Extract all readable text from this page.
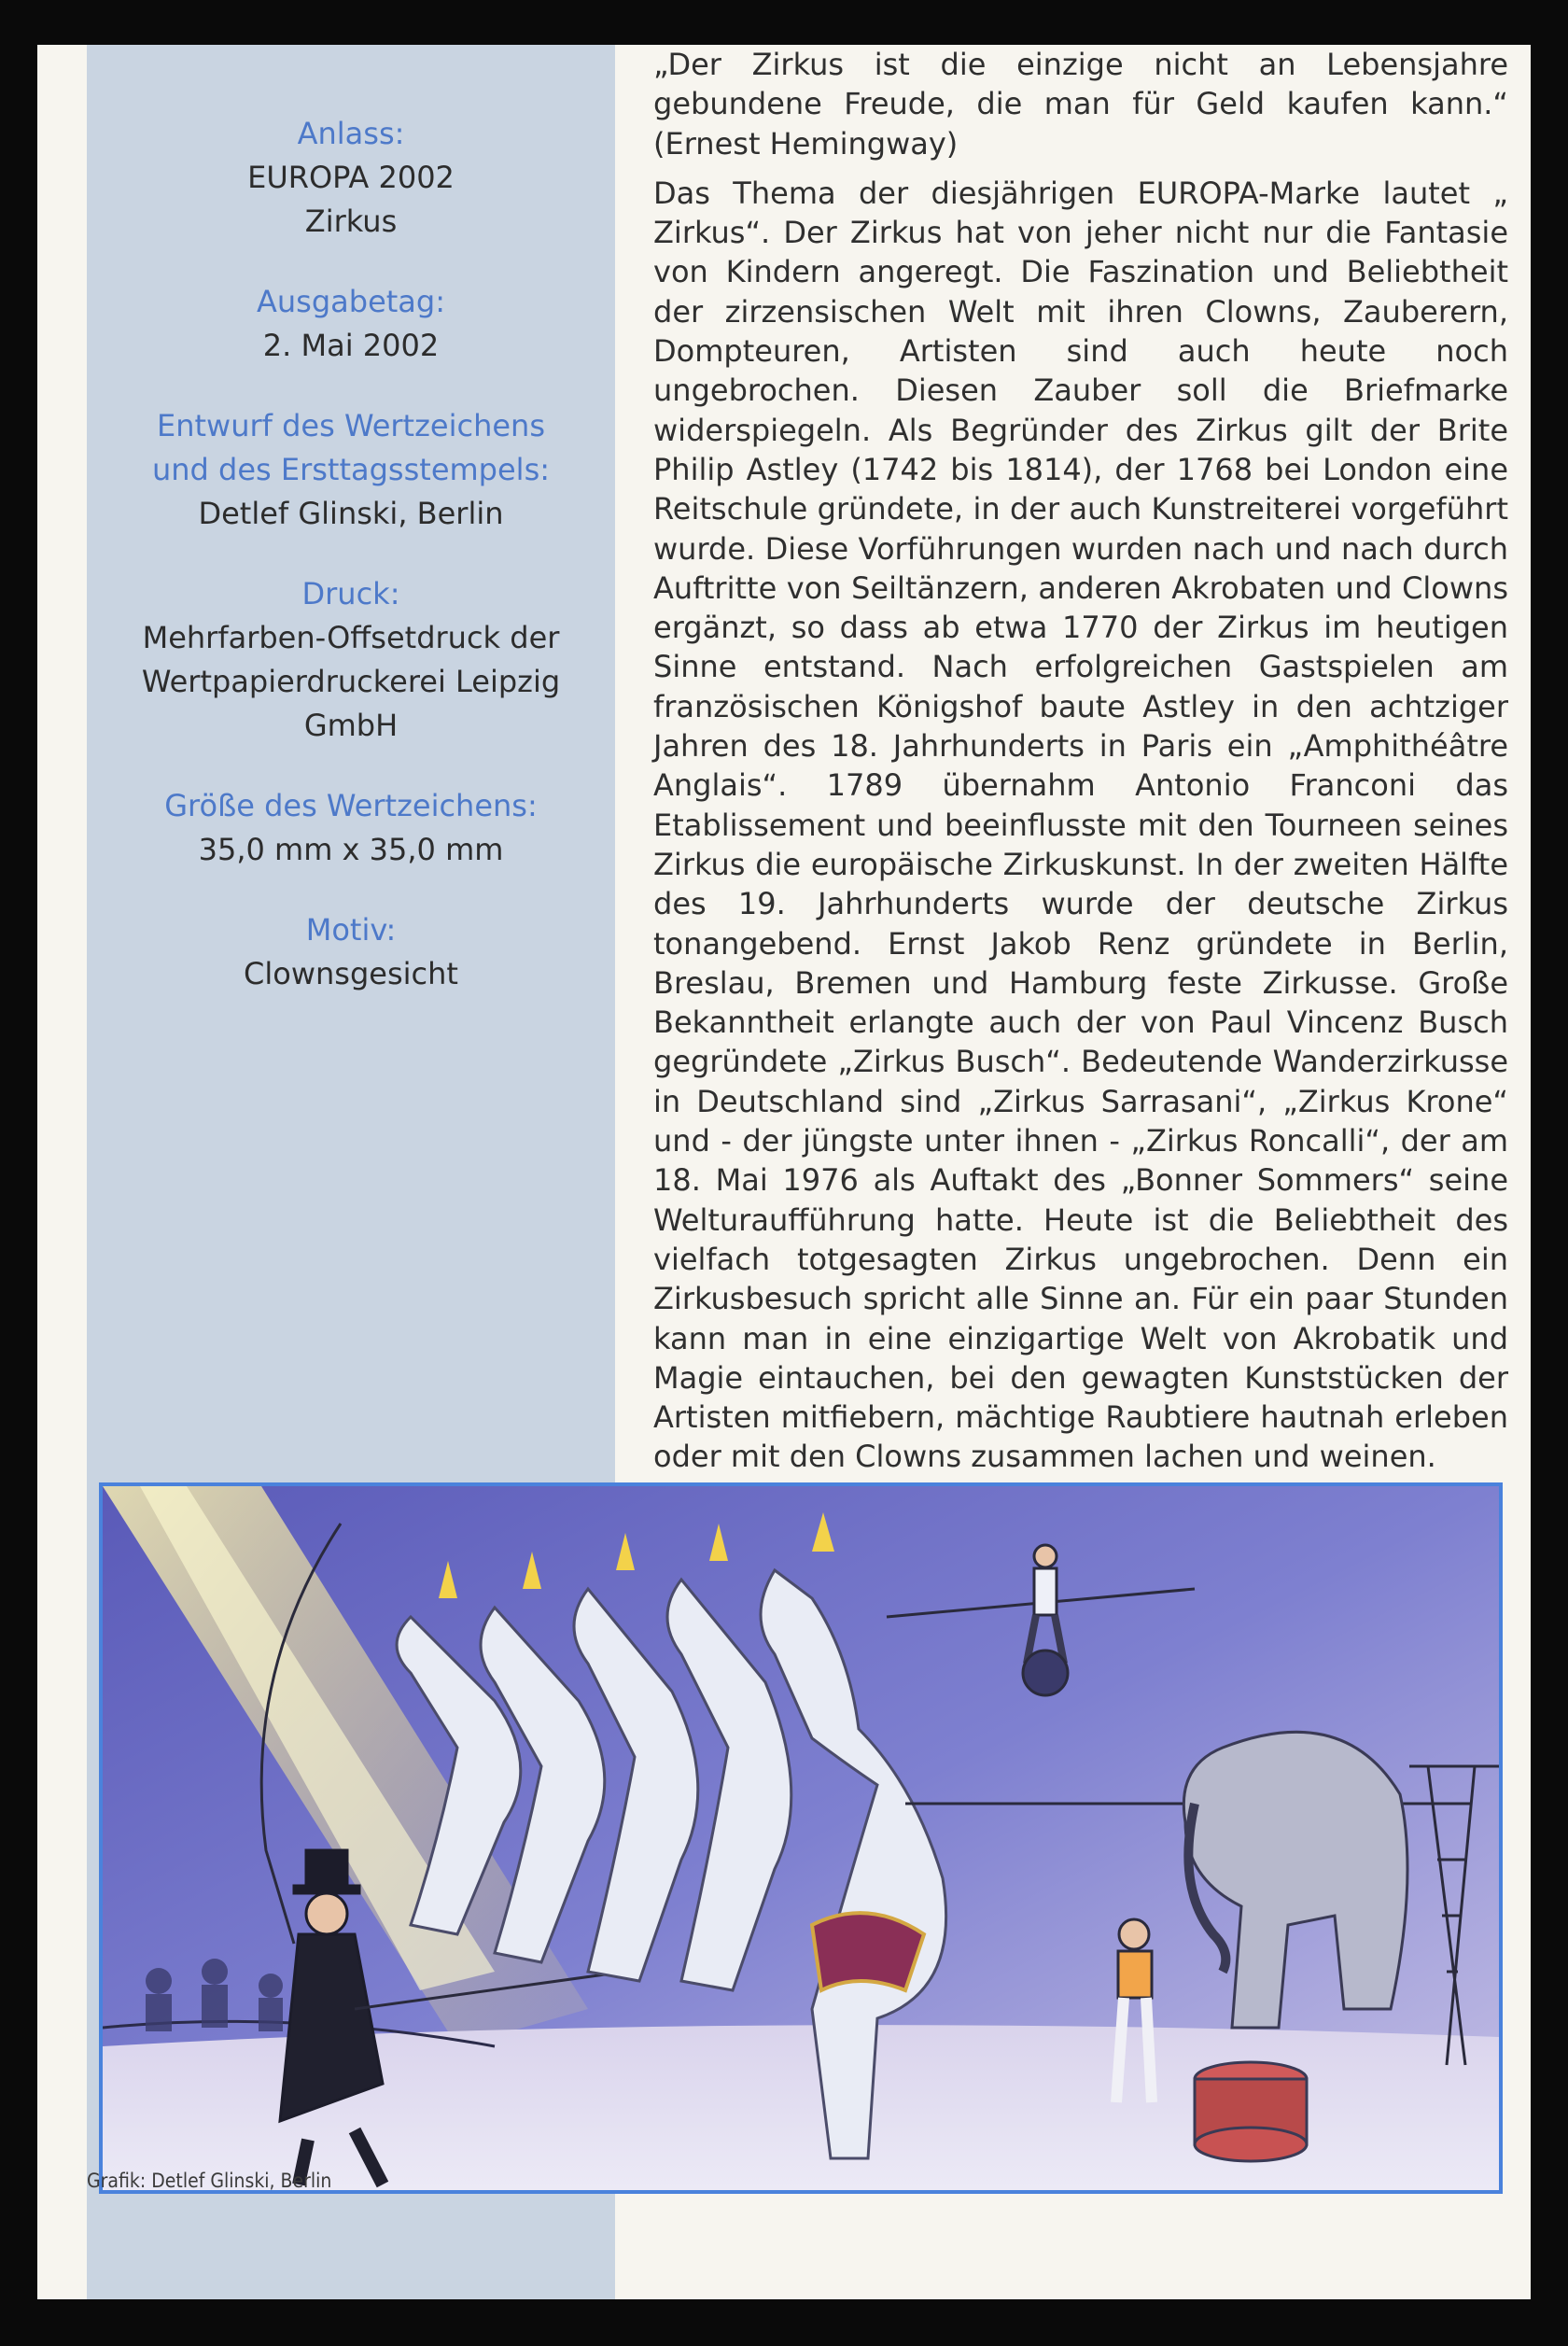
Anlass:
EUROPA 2002
Zirkus
Ausgabetag:
2. Mai 2002
Entwurf des Wertzeichens
und des Ersttagsstempels:
Detlef Glinski, Berlin
Druck:
Mehrfarben-Offsetdruck der
Wertpapierdruckerei Leipzig
GmbH
Größe des Wertzeichens:
35,0 mm x 35,0 mm
Motiv:
Clownsgesicht

„Der Zirkus ist die einzige nicht an Lebensjahre gebundene Freude, die man für Geld kaufen kann.“ (Ernest Hemingway)

Das Thema der diesjährigen EUROPA-Marke lautet „ Zirkus“. Der Zirkus hat von jeher nicht nur die Fantasie von Kindern angeregt. Die Faszination und Beliebtheit der zirzensischen Welt mit ihren Clowns, Zauberern, Dompteuren, Artisten sind auch heute noch ungebrochen. Diesen Zauber soll die Briefmarke widerspiegeln. Als Begründer des Zirkus gilt der Brite Philip Astley (1742 bis 1814), der 1768 bei London eine Reitschule gründete, in der auch Kunstreiterei vorgeführt wurde. Diese Vorführungen wurden nach und nach durch Auftritte von Seiltänzern, anderen Akrobaten und Clowns ergänzt, so dass ab etwa 1770 der Zirkus im heutigen Sinne entstand. Nach erfolgreichen Gastspielen am französischen Königshof baute Astley in den achtziger Jahren des 18. Jahrhunderts in Paris ein „Amphithéâtre Anglais“. 1789 übernahm Antonio Franconi das Etablissement und beeinflusste mit den Tourneen seines Zirkus die europäische Zirkuskunst. In der zweiten Hälfte des 19. Jahrhunderts wurde der deutsche Zirkus tonangebend. Ernst Jakob Renz gründete in Berlin, Breslau, Bremen und Hamburg feste Zirkusse. Große Bekanntheit erlangte auch der von Paul Vincenz Busch gegründete „Zirkus Busch“. Bedeutende Wanderzirkusse in Deutschland sind „Zirkus Sarrasani“, „Zirkus Krone“ und - der jüngste unter ihnen - „Zirkus Roncalli“, der am 18. Mai 1976 als Auftakt des „Bonner Sommers“ seine Welturaufführung hatte. Heute ist die Beliebtheit des vielfach totgesagten Zirkus ungebrochen. Denn ein Zirkusbesuch spricht alle Sinne an. Für ein paar Stunden kann man in eine einzigartige Welt von Akrobatik und Magie eintauchen, bei den gewagten Kunststücken der Artisten mitfiebern, mächtige Raubtiere hautnah erleben oder mit den Clowns zusammen lachen und weinen.

Grafik: Detlef Glinski, Berlin
